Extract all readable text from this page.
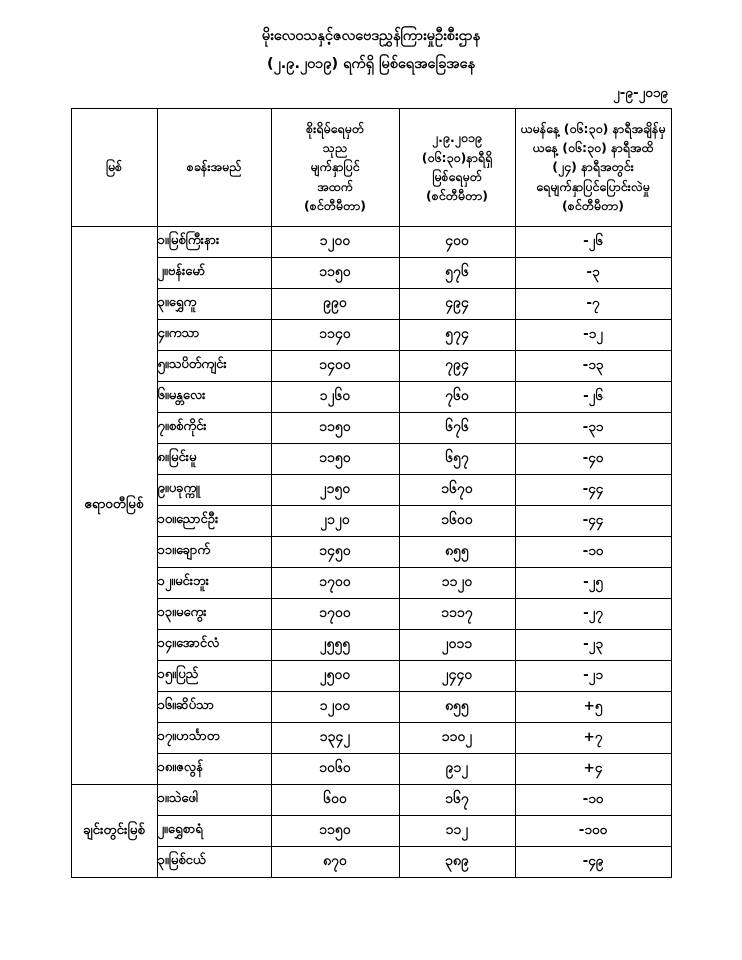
မိုးလေဝသနှင့်ဇလဗေဒညွှန်ကြားမှုဦးစီးဌာန
(၂.၉.၂၀၁၉) ရက်ရှိ မြစ်ရေအခြေအနေ
၂-၉-၂၀၁၉
မြစ်	စခန်းအမည်	စိုးရိမ်ရေမှတ်
သုည
မျက်နှာပြင်
အထက်
(စင်တီမီတာ)	၂.၉.၂၀၁၉
(၀၆:၃၀)နာရီရှိ
မြစ်ရေမှတ်
(စင်တီမီတာ)	ယမန်နေ့ (၀၆:၃၀) နာရီအချိန်မှ
ယနေ့ (၀၆:၃၀) နာရီအထိ
(၂၄) နာရီအတွင်း
ရေမျက်နှာပြင်ပြောင်းလဲမှု
(စင်တီမီတာ)

ဧရာဝတီမြစ်	၁။မြစ်ကြီးနား	၁၂၀၀	၄၀၀	-၂၆
	၂။ဗန်းမော်	၁၁၅၀	၅၇၆	-၃
	၃။ရွှေကူ	၉၉၀	၄၉၄	-၇
	၄။ကသာ	၁၁၄၀	၅၇၄	-၁၂
	၅။သပိတ်ကျင်း	၁၄၀၀	၇၉၄	-၁၃
	၆။မန္တလေး	၁၂၆၀	၇၆၀	-၂၆
	၇။စစ်ကိုင်း	၁၁၅၀	၆၇၆	-၃၁
	၈။မြင်းမူ	၁၁၅၀	၆၅၇	-၄၀
	၉။ပခုက္ကူ	၂၁၅၀	၁၆၇၀	-၄၄
	၁၀။ညောင်ဦး	၂၁၂၀	၁၆၀၀	-၄၄
	၁၁။ချောက်	၁၄၅၀	၈၅၅	-၁၀
	၁၂။မင်းဘူး	၁၇၀၀	၁၁၂၀	-၂၅
	၁၃။မကွေး	၁၇၀၀	၁၁၁၇	-၂၇
	၁၄။အောင်လံ	၂၅၅၅	၂၀၁၁	-၂၃
	၁၅။ပြည်	၂၅၀၀	၂၄၄၀	-၂၁
	၁၆။ဆိပ်သာ	၁၂၀၀	၈၅၅	+၅
	၁၇။ဟင်္သာတ	၁၃၄၂	၁၁၀၂	+၇
	၁၈။ဇလွန်	၁၀၆၀	၉၁၂	+၄
ချင်းတွင်းမြစ်	၁။သဲဖေါ	၆၀၀	၁၆၇	-၁၀
	၂။ရွှေစာရံ	၁၁၅၀	၁၁၂	-၁၀၀
	၃။မြစ်ငယ်	၈၇၀	၃၈၉	-၄၉
